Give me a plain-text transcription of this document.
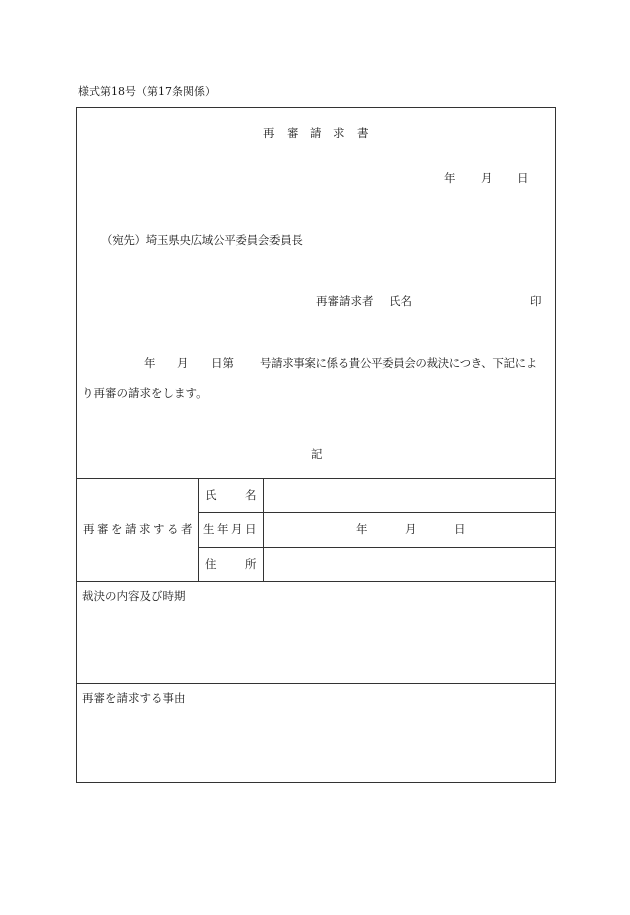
様式第18号（第17条関係）
再 審 請 求 書
年 月 日
（宛先）埼玉県央広域公平委員会委員長
再審請求者 氏名	印
年 月 日第 号請求事案に係る貴公平委員会の裁決につき、下記によ
り再審の請求をします。
記
再 審 を 請 求 す る 者
氏 名
生 年 月 日	年	月	日
住 所
裁決の内容及び時期
再審を請求する事由
